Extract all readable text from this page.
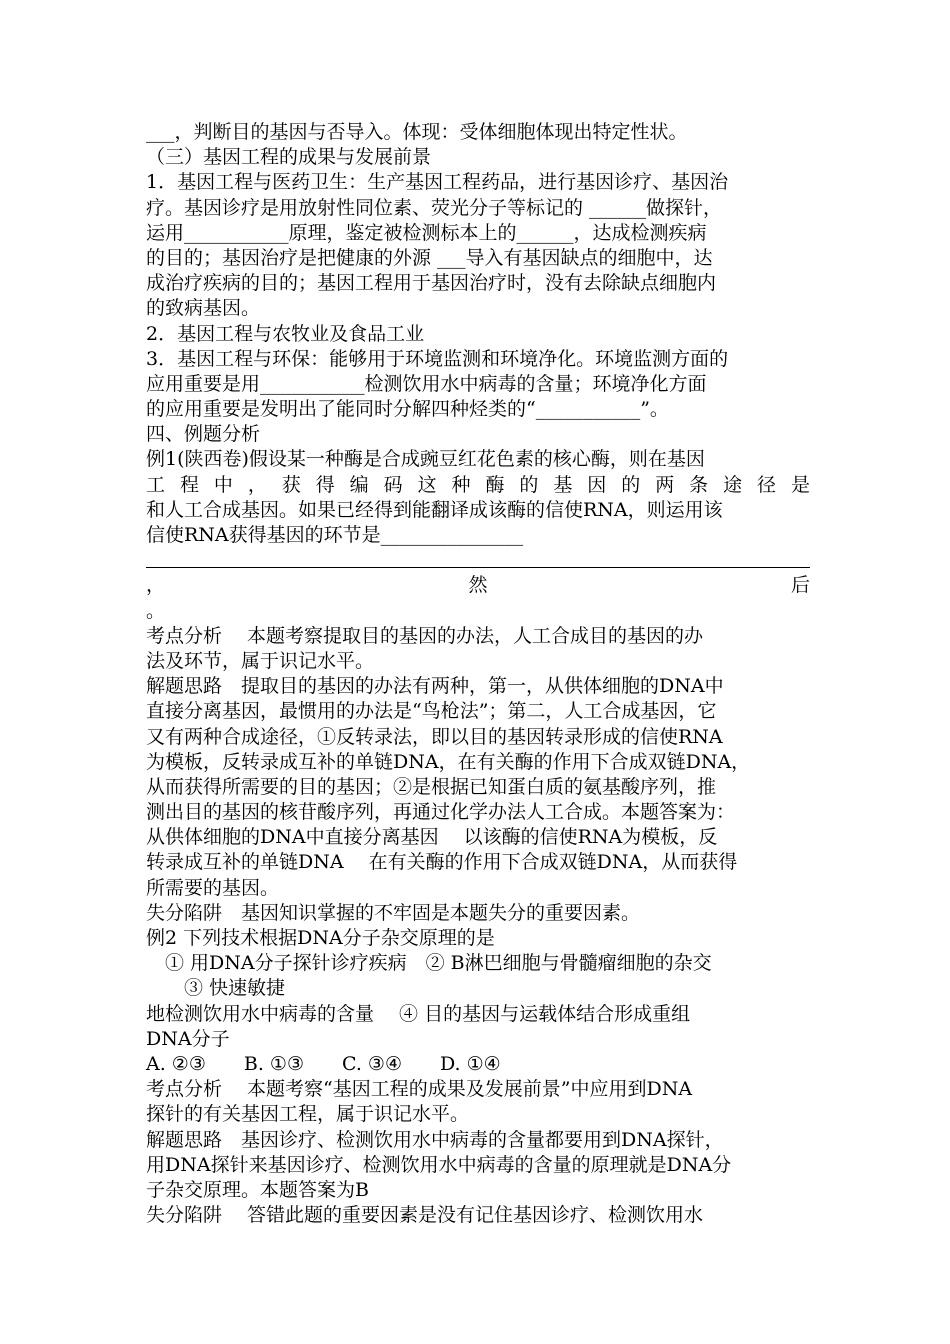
___，判断目的基因与否导入。体现：受体细胞体现出特定性状。
（三）基因工程的成果与发展前景
1．基因工程与医药卫生：生产基因工程药品，进行基因诊疗、基因治
疗。基因诊疗是用放射性同位素、荧光分子等标记的 ______做探针，
运用___________原理，鉴定被检测标本上的______，达成检测疾病
的目的；基因治疗是把健康的外源 ___导入有基因缺点的细胞中，达
成治疗疾病的目的；基因工程用于基因治疗时，没有去除缺点细胞内
的致病基因。
2．基因工程与农牧业及食品工业
3．基因工程与环保：能够用于环境监测和环境净化。环境监测方面的
应用重要是用___________检测饮用水中病毒的含量；环境净化方面
的应用重要是发明出了能同时分解四种烃类的“___________”。
四、例题分析
例1(陕西卷)假设某一种酶是合成豌豆红花色素的核心酶，则在基因
工 程 中 ， 获 得 编 码 这 种 酶 的 基 因 的 两 条 途 径 是
和人工合成基因。如果已经得到能翻译成该酶的信使RNA，则运用该
信使RNA获得基因的环节是_______________
，	然	后
。
考点分析　 本题考察提取目的基因的办法，人工合成目的基因的办
法及环节，属于识记水平。
解题思路　提取目的基因的办法有两种，第一，从供体细胞的DNA中
直接分离基因，最惯用的办法是“鸟枪法”；第二，人工合成基因，它
又有两种合成途径，①反转录法，即以目的基因转录形成的信使RNA
为模板，反转录成互补的单链DNA，在有关酶的作用下合成双链DNA，
从而获得所需要的目的基因；②是根据已知蛋白质的氨基酸序列，推
测出目的基因的核苷酸序列，再通过化学办法人工合成。本题答案为：
从供体细胞的DNA中直接分离基因　 以该酶的信使RNA为模板，反
转录成互补的单链DNA　 在有关酶的作用下合成双链DNA，从而获得
所需要的基因。
失分陷阱　基因知识掌握的不牢固是本题失分的重要因素。
例2 下列技术根据DNA分子杂交原理的是
　① 用DNA分子探针诊疗疾病　② B淋巴细胞与骨髓瘤细胞的杂交
　　③ 快速敏捷
地检测饮用水中病毒的含量　 ④ 目的基因与运载体结合形成重组
DNA分子
A. ②③　　B. ①③　　C. ③④　　D. ①④
考点分析　 本题考察“基因工程的成果及发展前景”中应用到DNA
探针的有关基因工程，属于识记水平。
解题思路　基因诊疗、检测饮用水中病毒的含量都要用到DNA探针，
用DNA探针来基因诊疗、检测饮用水中病毒的含量的原理就是DNA分
子杂交原理。本题答案为B
失分陷阱　 答错此题的重要因素是没有记住基因诊疗、检测饮用水
